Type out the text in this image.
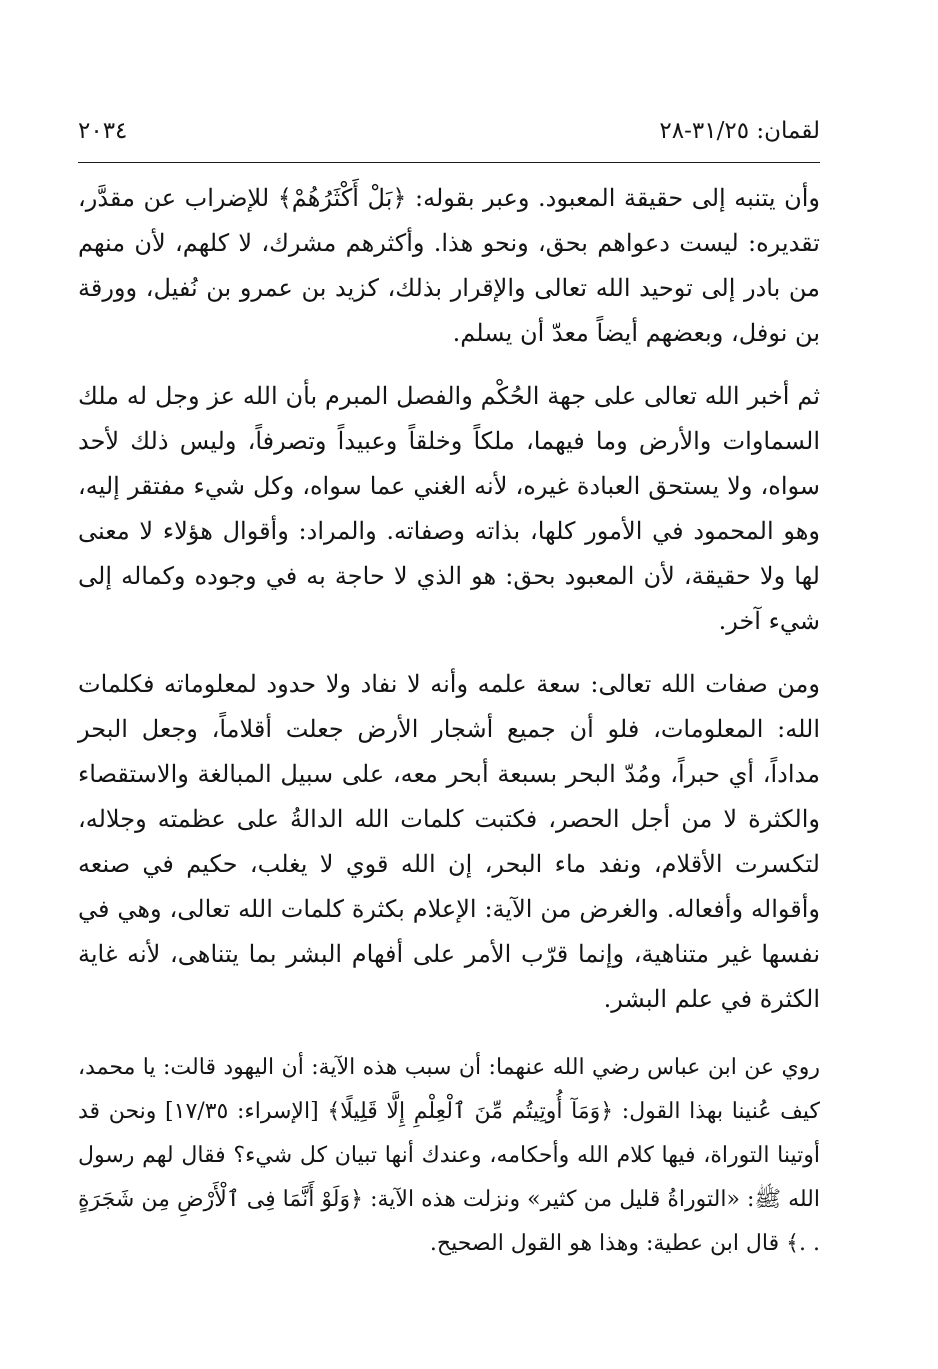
لقمان: ٣١/٢٥-٢٨
٢٠٣٤

وأن يتنبه إلى حقيقة المعبود. وعبر بقوله: ﴿بَلْ أَكْثَرُهُمْ﴾ للإضراب عن مقدَّر، تقديره: ليست دعواهم بحق، ونحو هذا. وأكثرهم مشرك، لا كلهم، لأن منهم من بادر إلى توحيد الله تعالى والإقرار بذلك، كزيد بن عمرو بن نُفيل، وورقة بن نوفل، وبعضهم أيضاً معدّ أن يسلم.

ثم أخبر الله تعالى على جهة الحُكْم والفصل المبرم بأن الله عز وجل له ملك السماوات والأرض وما فيهما، ملكاً وخلقاً وعبيداً وتصرفاً، وليس ذلك لأحد سواه، ولا يستحق العبادة غيره، لأنه الغني عما سواه، وكل شيء مفتقر إليه، وهو المحمود في الأمور كلها، بذاته وصفاته. والمراد: وأقوال هؤلاء لا معنى لها ولا حقيقة، لأن المعبود بحق: هو الذي لا حاجة به في وجوده وكماله إلى شيء آخر.

ومن صفات الله تعالى: سعة علمه وأنه لا نفاد ولا حدود لمعلوماته فكلمات الله: المعلومات، فلو أن جميع أشجار الأرض جعلت أقلاماً، وجعل البحر مداداً، أي حبراً، ومُدّ البحر بسبعة أبحر معه، على سبيل المبالغة والاستقصاء والكثرة لا من أجل الحصر، فكتبت كلمات الله الدالةُ على عظمته وجلاله، لتكسرت الأقلام، ونفد ماء البحر، إن الله قوي لا يغلب، حكيم في صنعه وأقواله وأفعاله. والغرض من الآية: الإعلام بكثرة كلمات الله تعالى، وهي في نفسها غير متناهية، وإنما قرّب الأمر على أفهام البشر بما يتناهى، لأنه غاية الكثرة في علم البشر.

روي عن ابن عباس رضي الله عنهما: أن سبب هذه الآية: أن اليهود قالت: يا محمد، كيف عُنينا بهذا القول: ﴿وَمَآ أُوتِيتُم مِّنَ ٱلْعِلْمِ إِلَّا قَلِيلًا﴾ [الإسراء: ١٧/٣٥] ونحن قد أوتينا التوراة، فيها كلام الله وأحكامه، وعندك أنها تبيان كل شيء؟ فقال لهم رسول الله ﷺ: «التوراةُ قليل من كثير» ونزلت هذه الآية: ﴿وَلَوْ أَنَّمَا فِى ٱلْأَرْضِ مِن شَجَرَةٍ . .﴾ قال ابن عطية: وهذا هو القول الصحيح.
